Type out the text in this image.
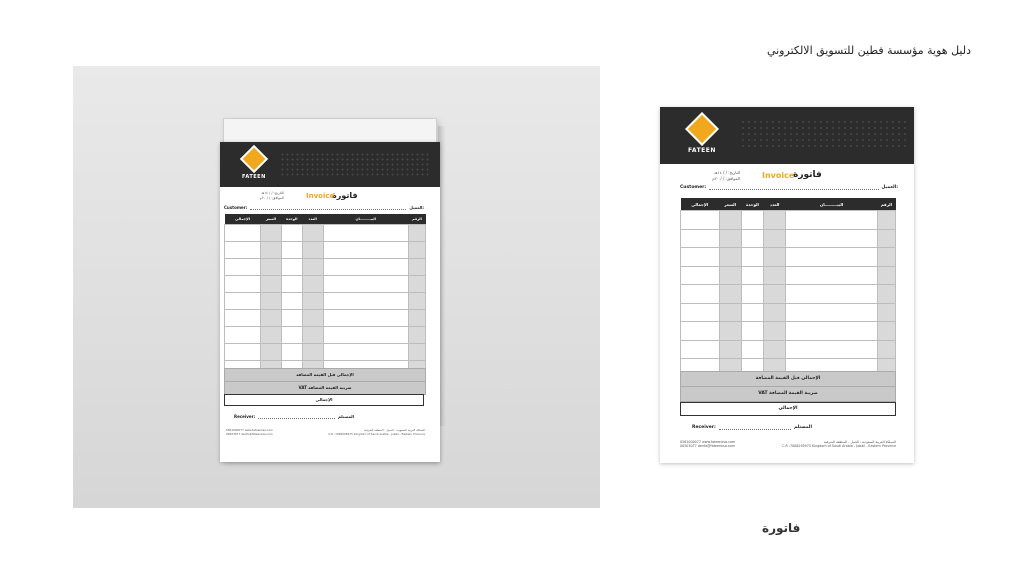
دليل هوية مؤسسة فطين للتسويق الالكتروني
FATEEN
فاتورة
Invoice
التاريخ: / / ١٤هـ
الموافق: / / ٢٠م
Customer:	العميل:
الإجمالي	السعر	الوحدة	العدد	البيـــــــــان	الرقم

الإجمالي قبل القيمة المضافة
ضريبة القيمة المضافة VAT
الإجمالي
Receiver:	المستلم
0561000077 www.fateenksa.com
00503077 denfo@fateenksa.com
المملكة العربية السعودية - الجبيل - المنطقة الشرقية
C.R :7008295975 Kingdom of Saudi Arabia - Jubail - Eastern Province
FATEEN
فاتورة
Invoice
التاريخ: / / ١٤هـ
الموافق: / / ٢٠م
Customer:	العميل:
الإجمالي	السعر	الوحدة	العدد	البيـــــــــان	الرقم

الإجمالي قبل القيمة المضافة
ضريبة القيمة المضافة VAT
الإجمالي
Receiver:	المستلم
0561000077 www.fateenksa.com
00503077 denfo@fateenksa.com
المملكة العربية السعودية - الجبيل - المنطقة الشرقية
C.R :7008295975 Kingdom of Saudi Arabia - Jubail - Eastern Province
فاتورة
